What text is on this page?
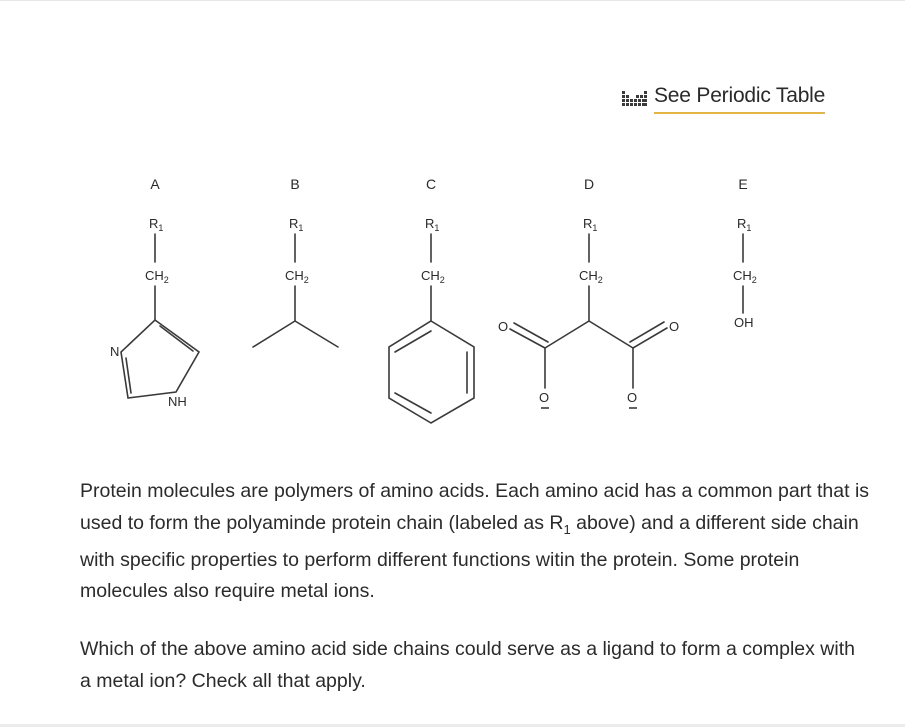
See Periodic Table
A	B	C	D	E
$R_1$	$R_1$	$R_1$	$R_1$	$R_1$
$CH_2$	$CH_2$	$CH_2$	$CH_2$	$CH_2$
N
NH
O
O
O
O
OH

Protein molecules are polymers of amino acids. Each amino acid has a common part that is used to form the polyaminde protein chain (labeled as $R_1$ above) and a different side chain with specific properties to perform different functions witin the protein. Some protein molecules also require metal ions.

Which of the above amino acid side chains could serve as a ligand to form a complex with a metal ion? Check all that apply.
